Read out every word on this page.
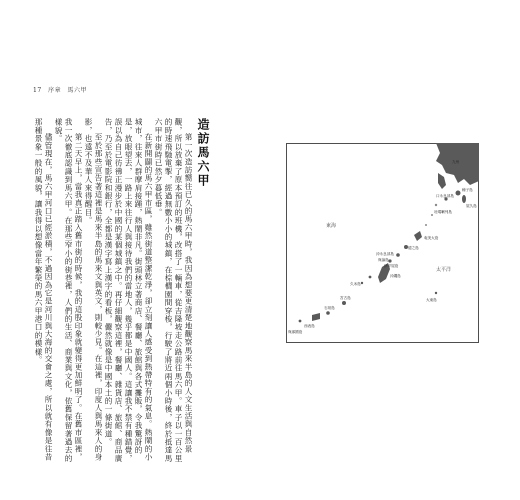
17 序章 馬六甲
造訪馬六甲

第一次造訪嚮往已久的馬六甲時，我因為想要更清楚地觀察馬來半島的人文生活與自然景觀，所以放棄了原本預訂的班機，改搭了一輛車，從吉隆坡走公路前往馬六甲。車子以一百公里的時速飛馳電掣，經過無數小小的城鎮，在棕櫚園間穿梭，行駛了將近兩個小時後，終於抵達馬六甲市街時已然夕暮低垂。

在新開闢的馬六甲市區，雖然街道整潔乾淨，卻立刻讓人感受到熱帶特有的氣息。熱鬧的小城市，往來人群摩肩接踵，熱鬧非凡。街頭林立著商店、餐廳、旅館與各式攤販，令我驚訝的是，放眼望去，一路上來往行人與接待我們的當地人，幾乎都是中國人。這讓我不禁有種錯覺，誤以為自己彷彿正漫步於中國的某個城鎮之中。再仔細觀察這裡，餐廳、雜貨店、旅館、商品廣告，乃至於電影院和銀行，全都是漢字寫上漢字的看板，儼然就像是中國本土的一條街道。

至於那些宣告著這裡是馬來半島的馬來文與英文，則較少見。在這裡，印度人與馬來人的身影，也遠不及華人來得醒目。

第二天早上，當我真正踏入舊市街的時候，我的這股印象就變得更加鮮明了。在舊市區裡，我一次徹底認識到馬六甲。在那些窄小的街巷裡，人們的生活、商業與文化，依舊保留著過去的樣貌。

儘管現在，馬六甲河口已經淤積，不過因為它是河川與大海的交會之處，所以就有像是往昔那種景象一般的風貌，讓我得以想像當年繁榮的馬六甲港口的模樣。	東海
太平洋
九州
屋久島
奄美大島
德之島
沖永良部島
與論島
沖繩島
久米島
宮古島
石垣島
西表島
與那國島
大東島
伊平屋島
吐噶喇列島
口永良部島
種子島
